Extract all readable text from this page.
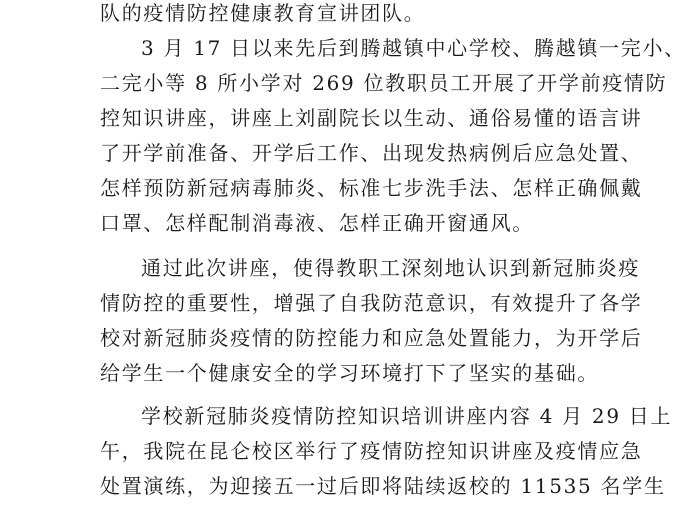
队的疫情防控健康教育宣讲团队。

3 月 17 日以来先后到腾越镇中心学校、腾越镇一完小、

二完小等 8 所小学对 269 位教职员工开展了开学前疫情防

控知识讲座，讲座上刘副院长以生动、通俗易懂的语言讲

了开学前准备、开学后工作、出现发热病例后应急处置、

怎样预防新冠病毒肺炎、标准七步洗手法、怎样正确佩戴

口罩、怎样配制消毒液、怎样正确开窗通风。

通过此次讲座，使得教职工深刻地认识到新冠肺炎疫

情防控的重要性，增强了自我防范意识，有效提升了各学

校对新冠肺炎疫情的防控能力和应急处置能力，为开学后

给学生一个健康安全的学习环境打下了坚实的基础。

学校新冠肺炎疫情防控知识培训讲座内容 4 月 29 日上

午，我院在昆仑校区举行了疫情防控知识讲座及疫情应急

处置演练，为迎接五一过后即将陆续返校的 11535 名学生
